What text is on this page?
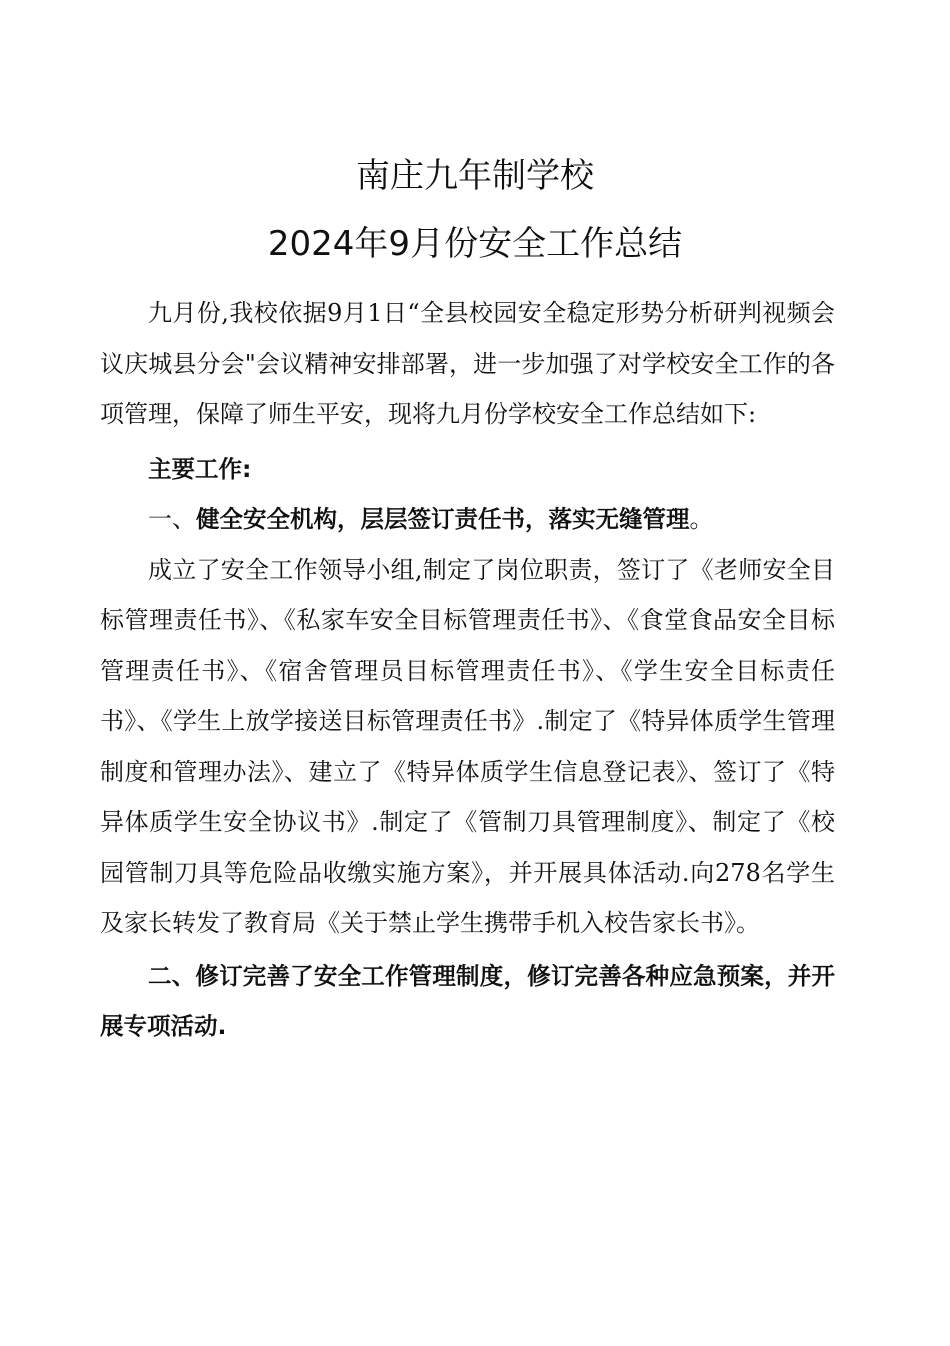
南庄九年制学校
2024年9月份安全工作总结

九月份,我校依据9月1日“全县校园安全稳定形势分析研判视频会议庆城县分会"会议精神安排部署，进一步加强了对学校安全工作的各项管理，保障了师生平安，现将九月份学校安全工作总结如下:

主要工作:

一、健全安全机构，层层签订责任书，落实无缝管理。

成立了安全工作领导小组,制定了岗位职责，签订了《老师安全目标管理责任书》、《私家车安全目标管理责任书》、《食堂食品安全目标管理责任书》、《宿舍管理员目标管理责任书》、《学生安全目标责任书》、《学生上放学接送目标管理责任书》.制定了《特异体质学生管理制度和管理办法》、建立了《特异体质学生信息登记表》、签订了《特异体质学生安全协议书》.制定了《管制刀具管理制度》、制定了《校园管制刀具等危险品收缴实施方案》，并开展具体活动.向278名学生及家长转发了教育局《关于禁止学生携带手机入校告家长书》。

二、修订完善了安全工作管理制度，修订完善各种应急预案，并开展专项活动.
